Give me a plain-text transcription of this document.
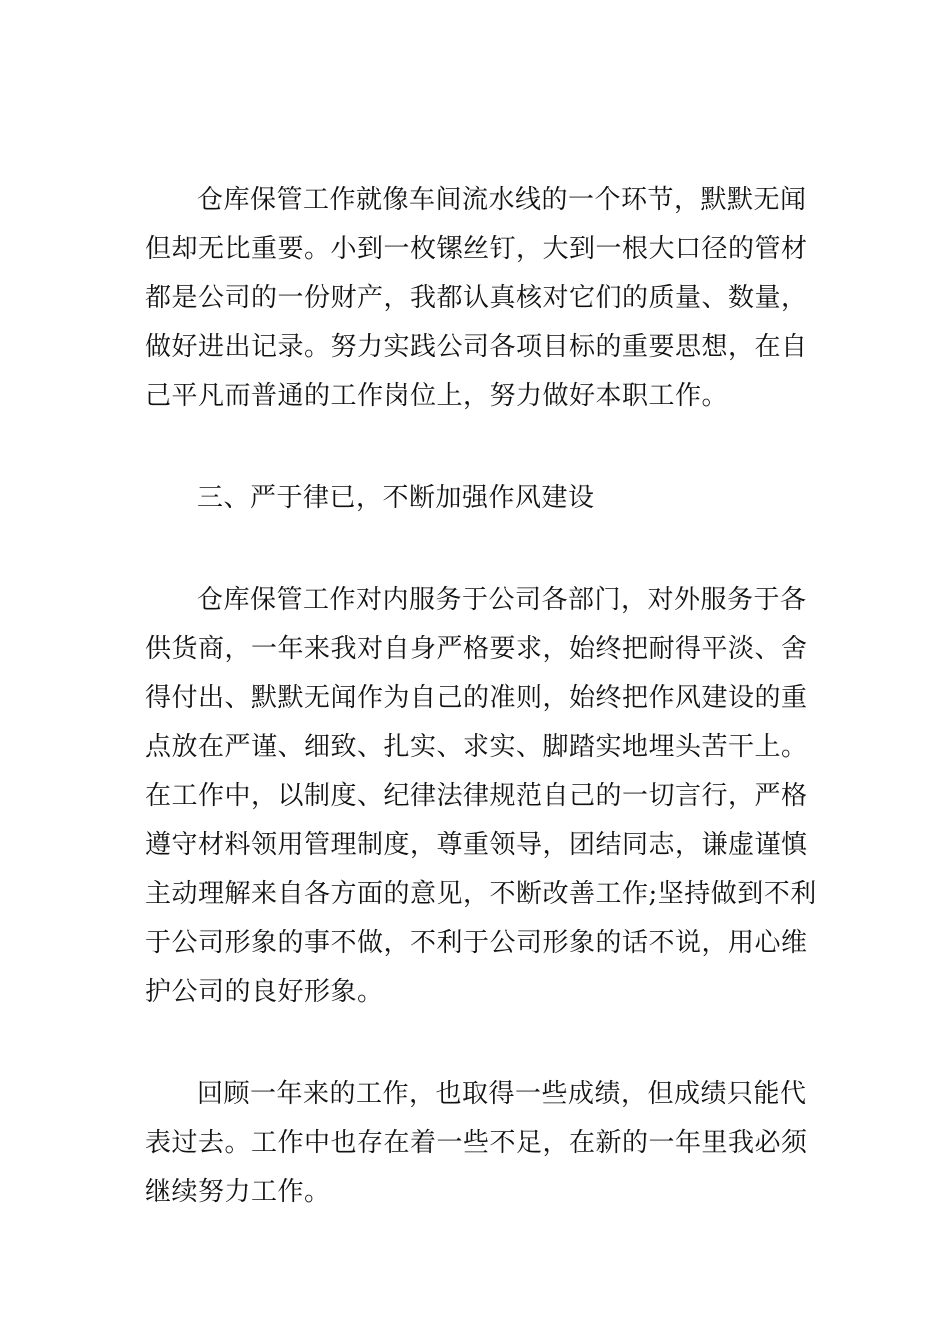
仓库保管工作就像车间流水线的一个环节，默默无闻
但却无比重要。小到一枚镙丝钉，大到一根大口径的管材
都是公司的一份财产，我都认真核对它们的质量、数量，
做好进出记录。努力实践公司各项目标的重要思想，在自
己平凡而普通的工作岗位上，努力做好本职工作。

三、严于律已，不断加强作风建设

仓库保管工作对内服务于公司各部门，对外服务于各
供货商，一年来我对自身严格要求，始终把耐得平淡、舍
得付出、默默无闻作为自己的准则，始终把作风建设的重
点放在严谨、细致、扎实、求实、脚踏实地埋头苦干上。
在工作中，以制度、纪律法律规范自己的一切言行，严格
遵守材料领用管理制度，尊重领导，团结同志，谦虚谨慎
主动理解来自各方面的意见，不断改善工作;坚持做到不利
于公司形象的事不做，不利于公司形象的话不说，用心维
护公司的良好形象。

回顾一年来的工作，也取得一些成绩，但成绩只能代
表过去。工作中也存在着一些不足，在新的一年里我必须
继续努力工作。
